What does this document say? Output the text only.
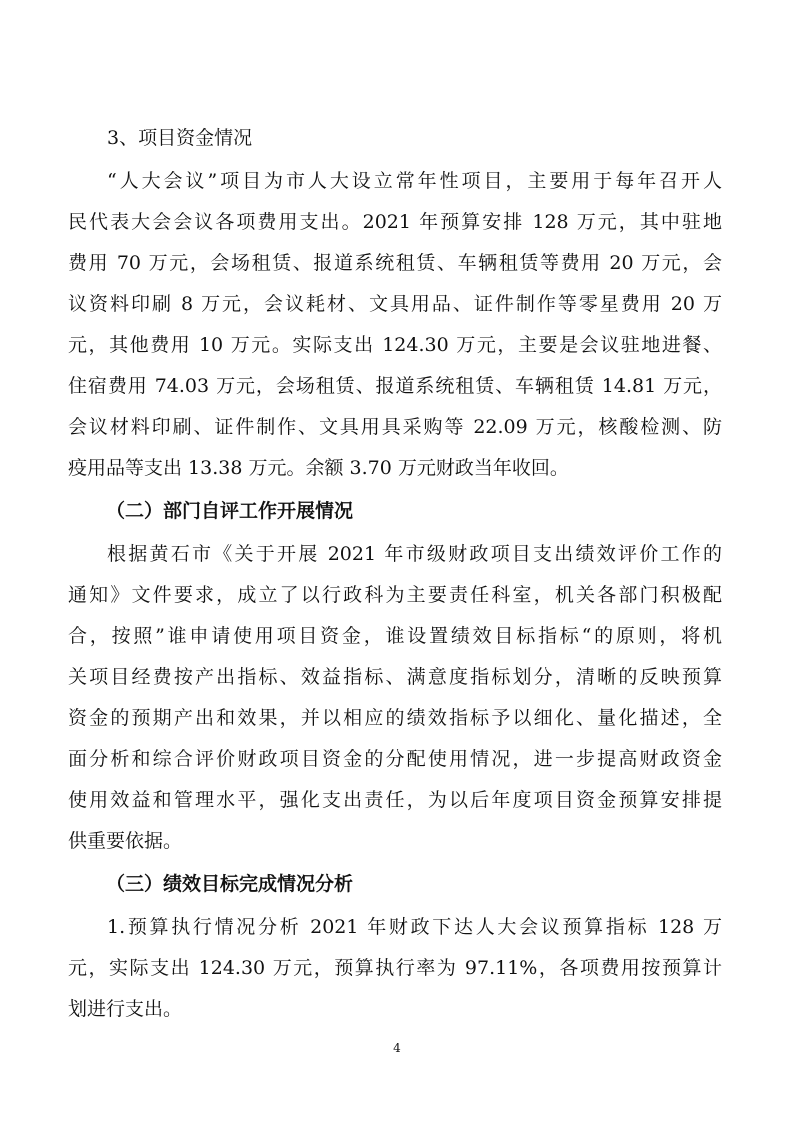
3、项目资金情况
“人大会议”项目为市人大设立常年性项目，主要用于每年召开人
民代表大会会议各项费用支出。2021 年预算安排 128 万元，其中驻地
费用 70 万元，会场租赁、报道系统租赁、车辆租赁等费用 20 万元，会
议资料印刷 8 万元，会议耗材、文具用品、证件制作等零星费用 20 万
元，其他费用 10 万元。实际支出 124.30 万元，主要是会议驻地进餐、
住宿费用 74.03 万元，会场租赁、报道系统租赁、车辆租赁 14.81 万元，
会议材料印刷、证件制作、文具用具采购等 22.09 万元，核酸检测、防
疫用品等支出 13.38 万元。余额 3.70 万元财政当年收回。
（二）部门自评工作开展情况
根据黄石市《关于开展 2021 年市级财政项目支出绩效评价工作的
通知》文件要求，成立了以行政科为主要责任科室，机关各部门积极配
合，按照”谁申请使用项目资金，谁设置绩效目标指标“的原则，将机
关项目经费按产出指标、效益指标、满意度指标划分，清晰的反映预算
资金的预期产出和效果，并以相应的绩效指标予以细化、量化描述，全
面分析和综合评价财政项目资金的分配使用情况，进一步提高财政资金
使用效益和管理水平，强化支出责任，为以后年度项目资金预算安排提
供重要依据。
（三）绩效目标完成情况分析
1.预算执行情况分析 2021 年财政下达人大会议预算指标 128 万
元，实际支出 124.30 万元，预算执行率为 97.11%，各项费用按预算计
划进行支出。
4
